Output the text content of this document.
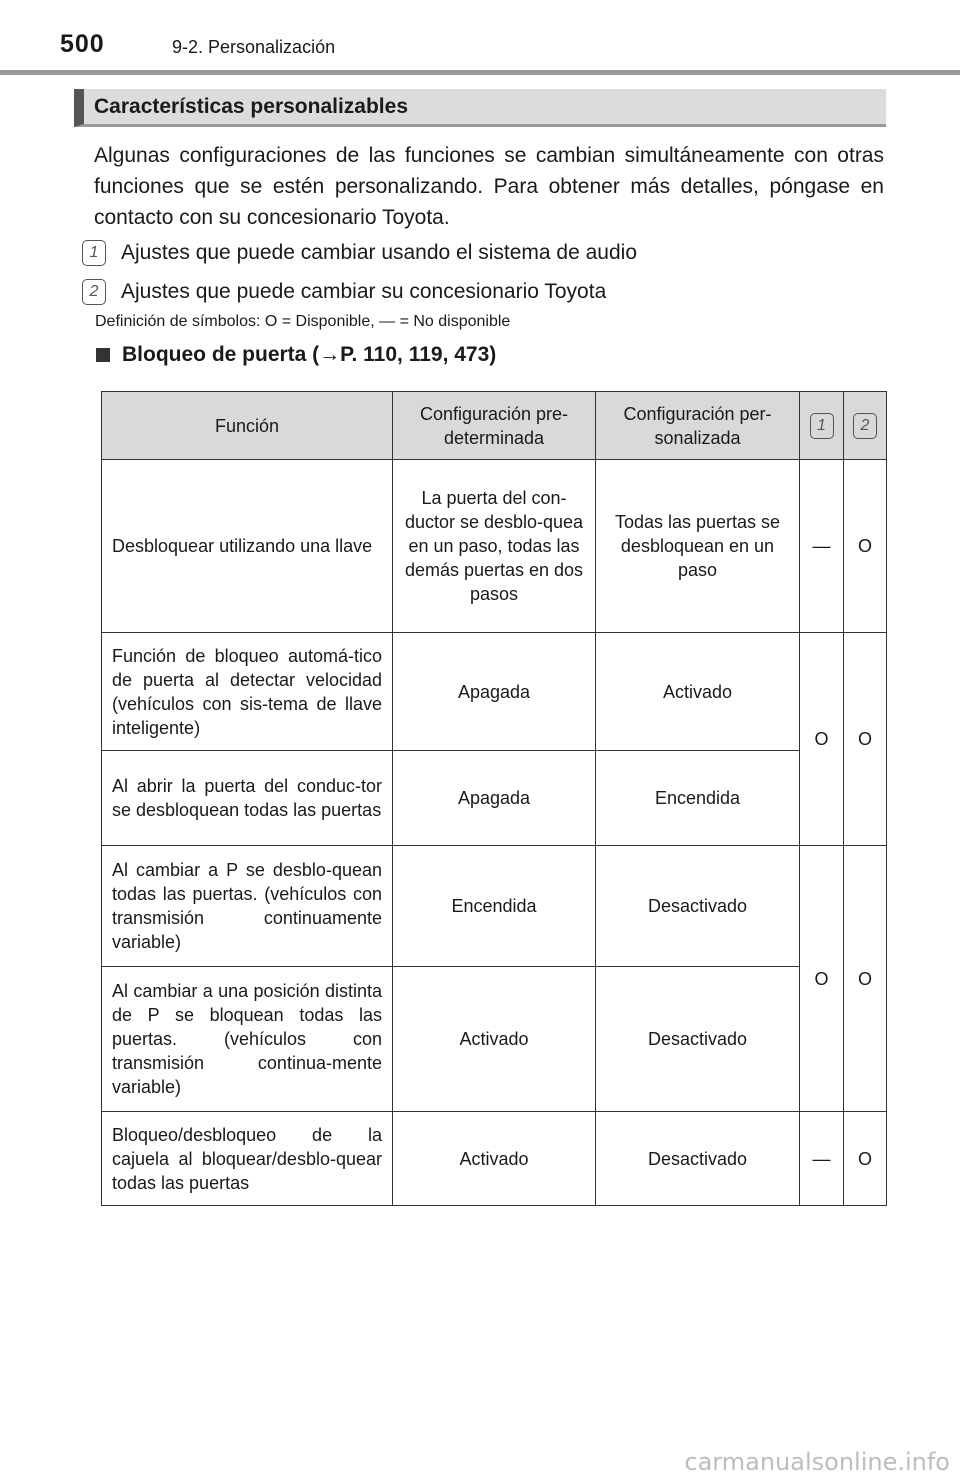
500	9-2. Personalización
Características personalizables
Algunas configuraciones de las funciones se cambian simultáneamente con otras funciones que se estén personalizando. Para obtener más detalles, póngase en contacto con su concesionario Toyota.
1	Ajustes que puede cambiar usando el sistema de audio
2	Ajustes que puede cambiar su concesionario Toyota
Definición de símbolos: O = Disponible, — = No disponible
Bloqueo de puerta (→P. 110, 119, 473)
Función	Configuración pre-determinada	Configuración per-sonalizada	1	2
Desbloquear utilizando una llave	La puerta del con-ductor se desblo-quea en un paso, todas las demás puertas en dos pasos	Todas las puertas se desbloquean en un paso	—	O
Función de bloqueo automá-tico de puerta al detectar velocidad (vehículos con sis-tema de llave inteligente)	Apagada	Activado	O	O
Al abrir la puerta del conduc-tor se desbloquean todas las puertas	Apagada	Encendida		
Al cambiar a P se desblo-quean todas las puertas. (vehículos con transmisión continuamente variable)	Encendida	Desactivado	O	O
Al cambiar a una posición distinta de P se bloquean todas las puertas. (vehículos con transmisión continua-mente variable)	Activado	Desactivado		
Bloqueo/desbloqueo de la cajuela al bloquear/desblo-quear todas las puertas	Activado	Desactivado	—	O
carmanualsonline.info
